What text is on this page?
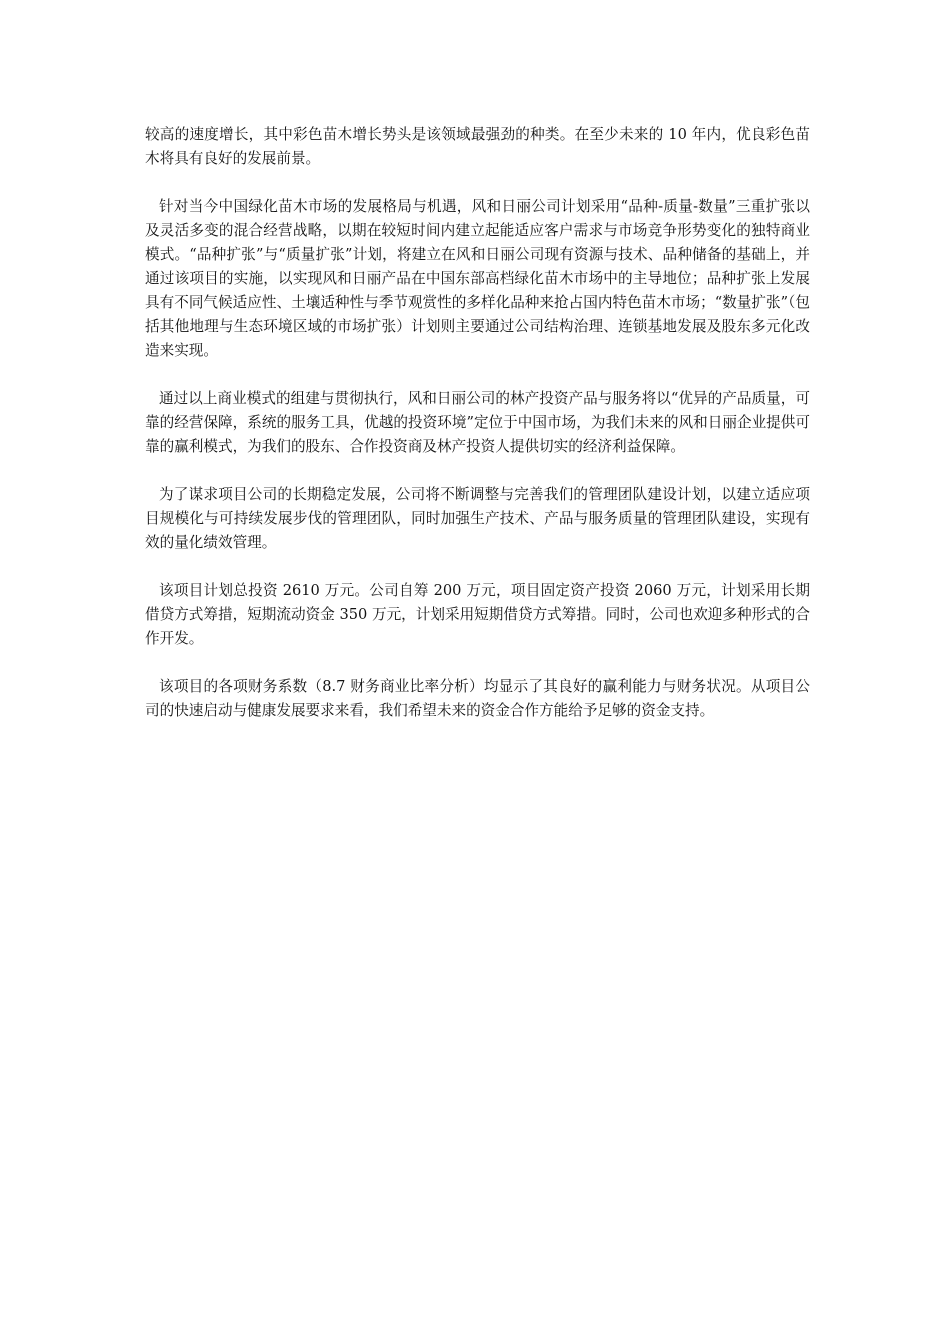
较高的速度增长，其中彩色苗木增长势头是该领域最强劲的种类。在至少未来的 10 年内，优良彩色苗木将具有良好的发展前景。

针对当今中国绿化苗木市场的发展格局与机遇，风和日丽公司计划采用“品种-质量-数量”三重扩张以及灵活多变的混合经营战略，以期在较短时间内建立起能适应客户需求与市场竞争形势变化的独特商业模式。“品种扩张”与“质量扩张”计划，将建立在风和日丽公司现有资源与技术、品种储备的基础上，并通过该项目的实施，以实现风和日丽产品在中国东部高档绿化苗木市场中的主导地位；品种扩张上发展具有不同气候适应性、土壤适种性与季节观赏性的多样化品种来抢占国内特色苗木市场；“数量扩张”（包括其他地理与生态环境区域的市场扩张）计划则主要通过公司结构治理、连锁基地发展及股东多元化改造来实现。

通过以上商业模式的组建与贯彻执行，风和日丽公司的林产投资产品与服务将以“优异的产品质量，可靠的经营保障，系统的服务工具，优越的投资环境”定位于中国市场，为我们未来的风和日丽企业提供可靠的赢利模式，为我们的股东、合作投资商及林产投资人提供切实的经济利益保障。

为了谋求项目公司的长期稳定发展，公司将不断调整与完善我们的管理团队建设计划，以建立适应项目规模化与可持续发展步伐的管理团队，同时加强生产技术、产品与服务质量的管理团队建设，实现有效的量化绩效管理。

该项目计划总投资 2610 万元。公司自筹 200 万元，项目固定资产投资 2060 万元，计划采用长期借贷方式筹措，短期流动资金 350 万元，计划采用短期借贷方式筹措。同时，公司也欢迎多种形式的合作开发。

该项目的各项财务系数（8.7 财务商业比率分析）均显示了其良好的赢利能力与财务状况。从项目公司的快速启动与健康发展要求来看，我们希望未来的资金合作方能给予足够的资金支持。
